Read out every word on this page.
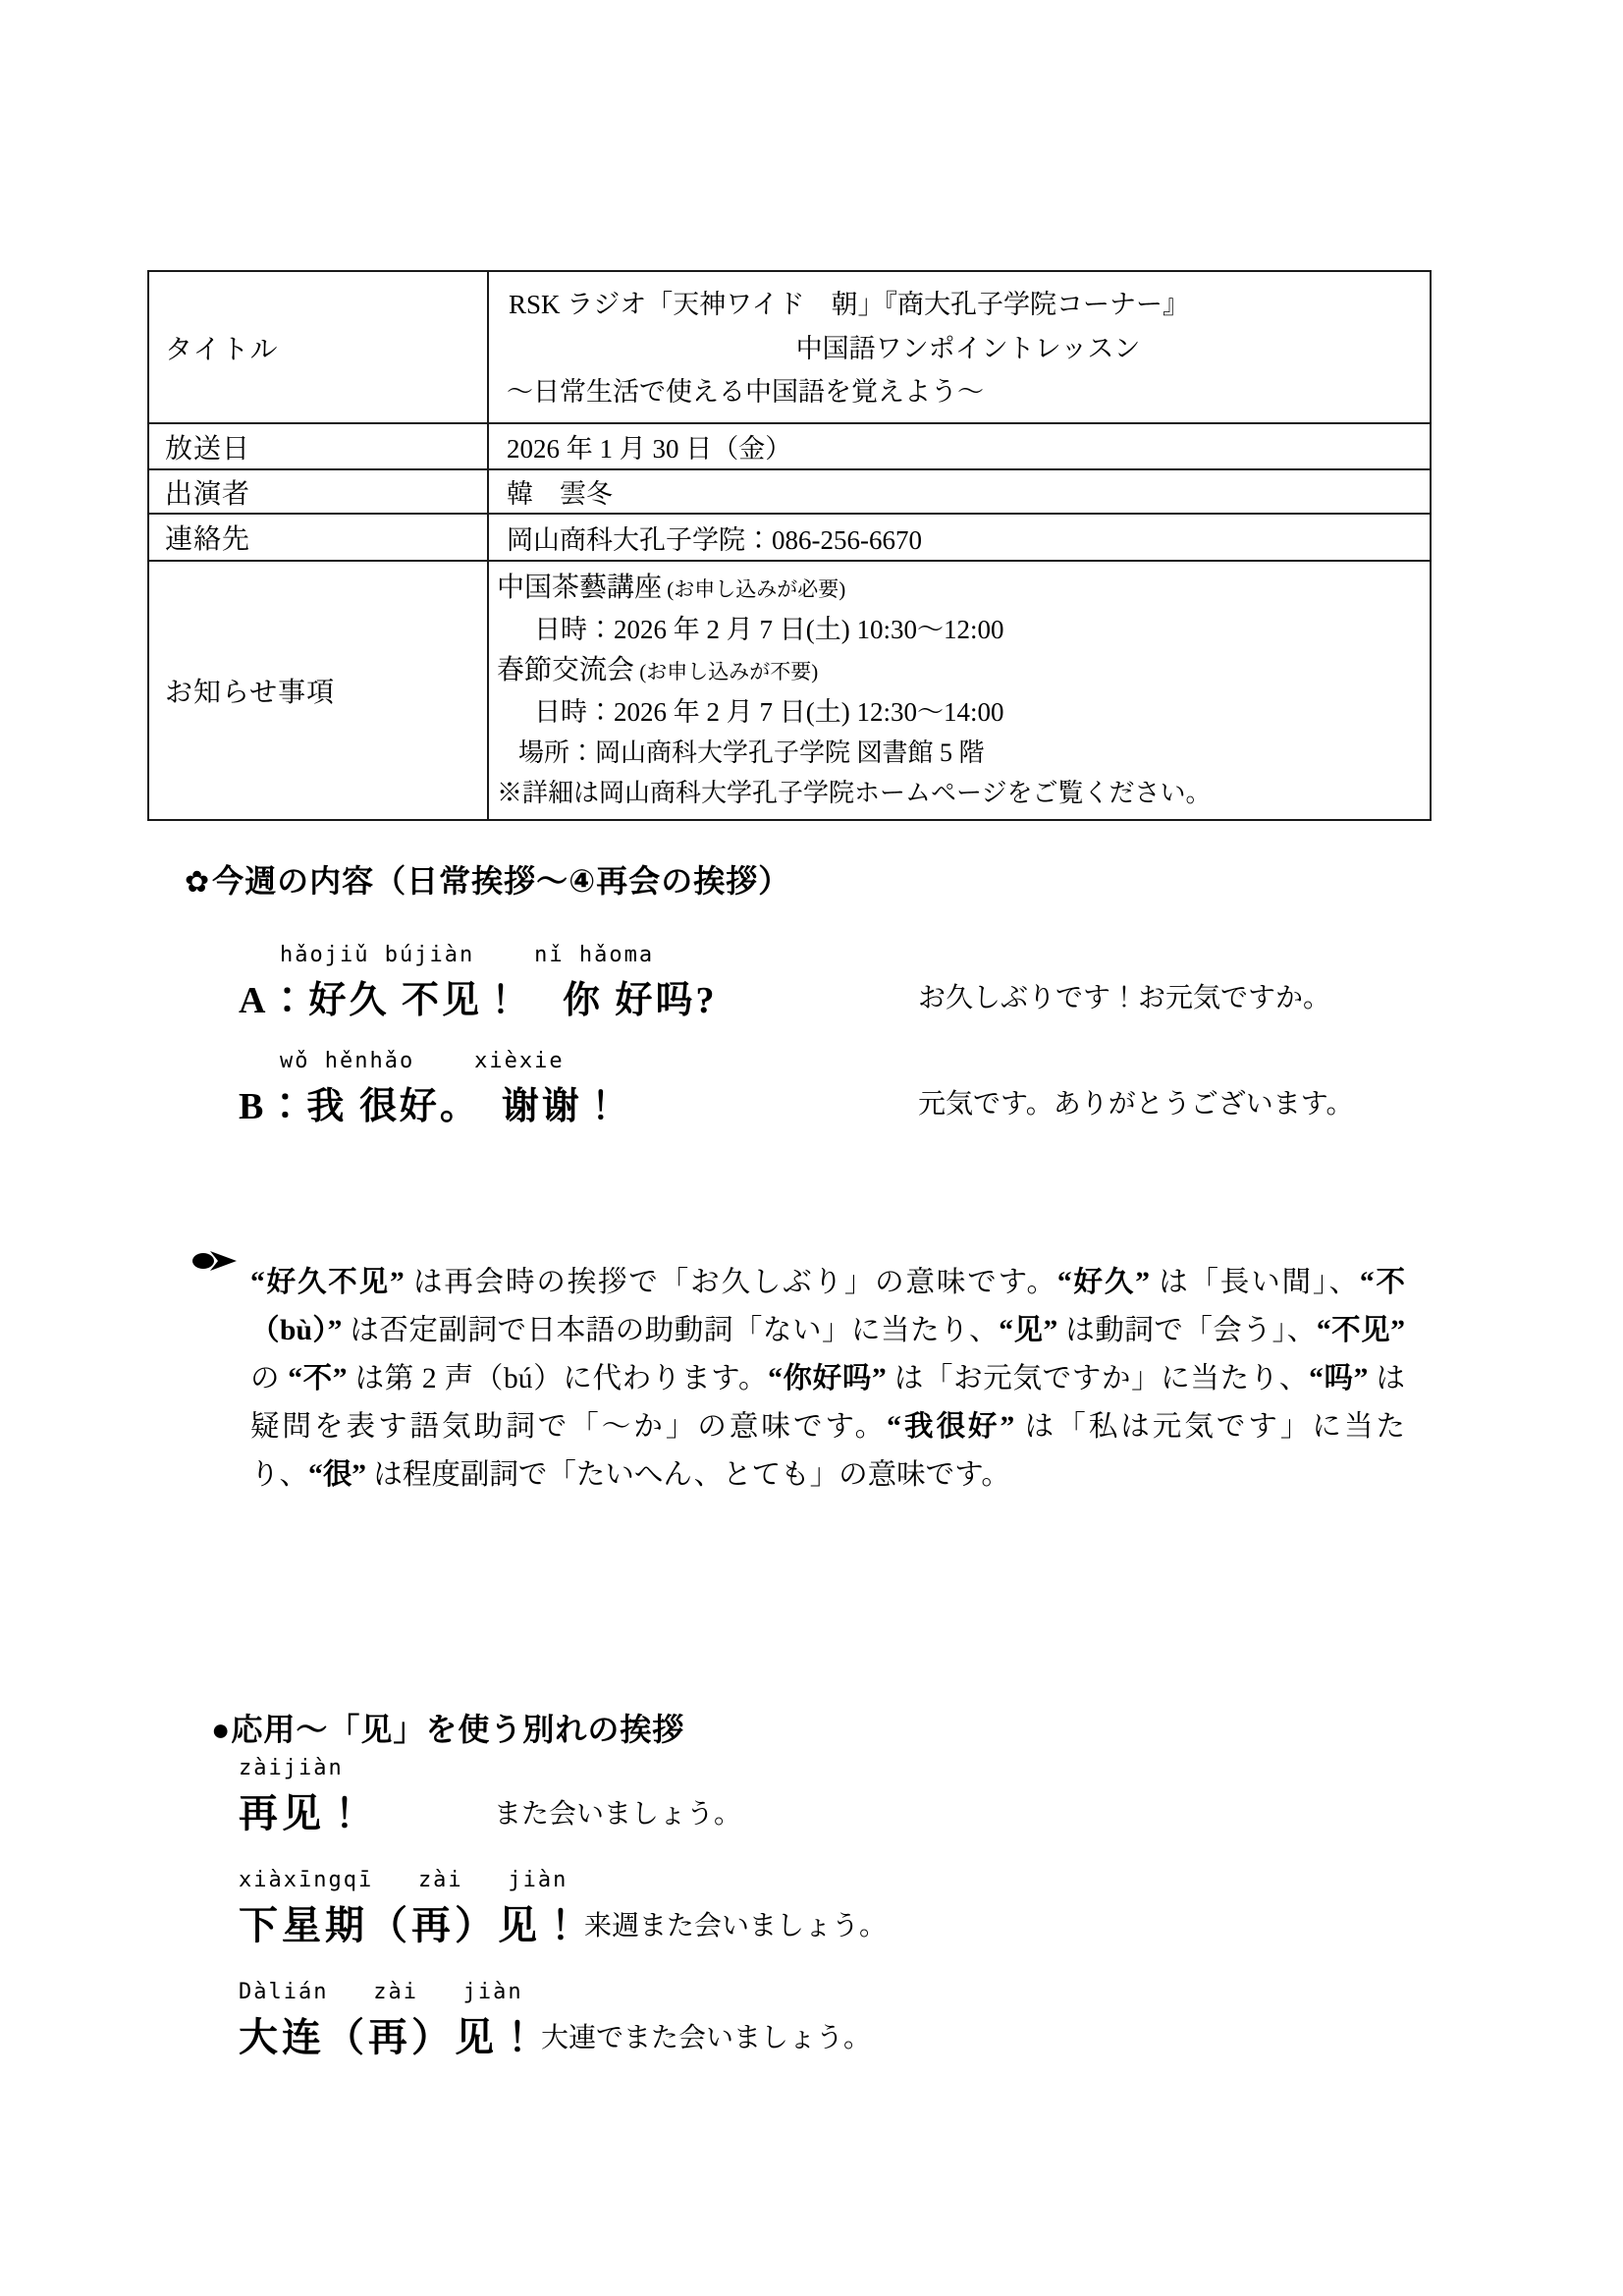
タイトル	RSK ラジオ「天神ワイド　朝」『商大孔子学院コーナー』
中国語ワンポイントレッスン
～日常生活で使える中国語を覚えよう～

放送日	2026 年 1 月 30 日（金）
出演者	韓　雲冬
連絡先	岡山商科大孔子学院：086-256-6670
お知らせ事項	
中国茶藝講座 (お申し込みが必要)
日時：2026 年 2 月 7 日(土) 10:30～12:00
春節交流会 (お申し込みが不要)
日時：2026 年 2 月 7 日(土) 12:30～14:00
場所：岡山商科大学孔子学院 図書館 5 階
※詳細は岡山商科大学孔子学院ホームページをご覧ください。
✿今週の内容（日常挨拶～④再会の挨拶）
hǎojiǔ bújiàn    nǐ hǎoma
A：好久 不见！　你 好吗?	お久しぶりです！お元気ですか。
wǒ hěnhǎo    xièxie
B：我 很好。　谢谢！	元気です。ありがとうございます。

“好久不见” は再会時の挨拶で「お久しぶり」の意味です。“好久” は「長い間」、“不（bù）” は否定副詞で日本語の助動詞「ない」に当たり、“见” は動詞で「会う」、“不见” の “不” は第 2 声（bú）に代わります。“你好吗” は「お元気ですか」に当たり、“吗” は疑問を表す語気助詞で「～か」の意味です。“我很好” は「私は元気です」に当たり、“很” は程度副詞で「たいへん、とても」の意味です。

●応用～「见」を使う別れの挨拶
zàijiàn
再见！	また会いましょう。
xiàxīngqī   zài   jiàn
下星期（再）见！ 来週また会いましょう。
Dàlián   zài   jiàn
大连（再）见！ 大連でまた会いましょう。
